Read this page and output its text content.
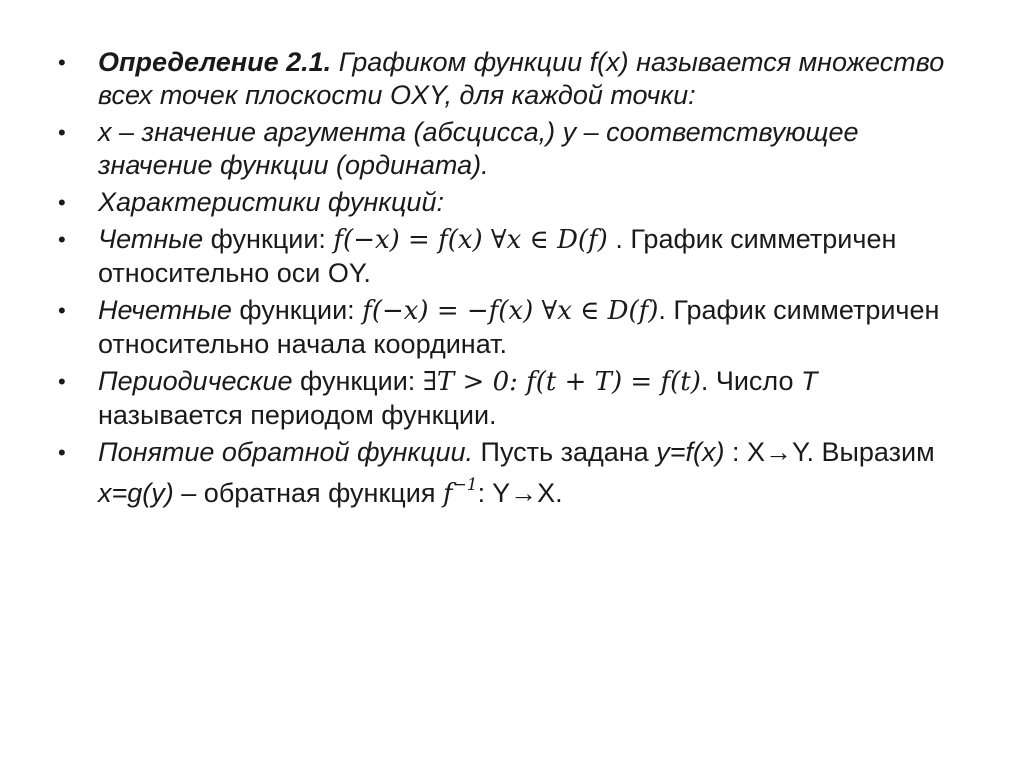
• Определение 2.1. Графиком функции f(x) называется множество всех точек плоскости OXY, для каждой точки:
• x – значение аргумента (абсцисса,) y – соответствующее значение функции (ордината).
• Характеристики функций:
• Четные функции: f(−x) = f(x) ∀x ∈ D(f) . График симметричен относительно оси OY.
• Нечетные функции: f(−x) = −f(x) ∀x ∈ D(f). График симметричен относительно начала координат.
• Периодические функции: ∃T > 0: f(t + T) = f(t). Число T называется периодом функции.
• Понятие обратной функции. Пусть задана y=f(x) : X→Y. Выразим x=g(y) – обратная функция $f^{-1}$: Y→X.
